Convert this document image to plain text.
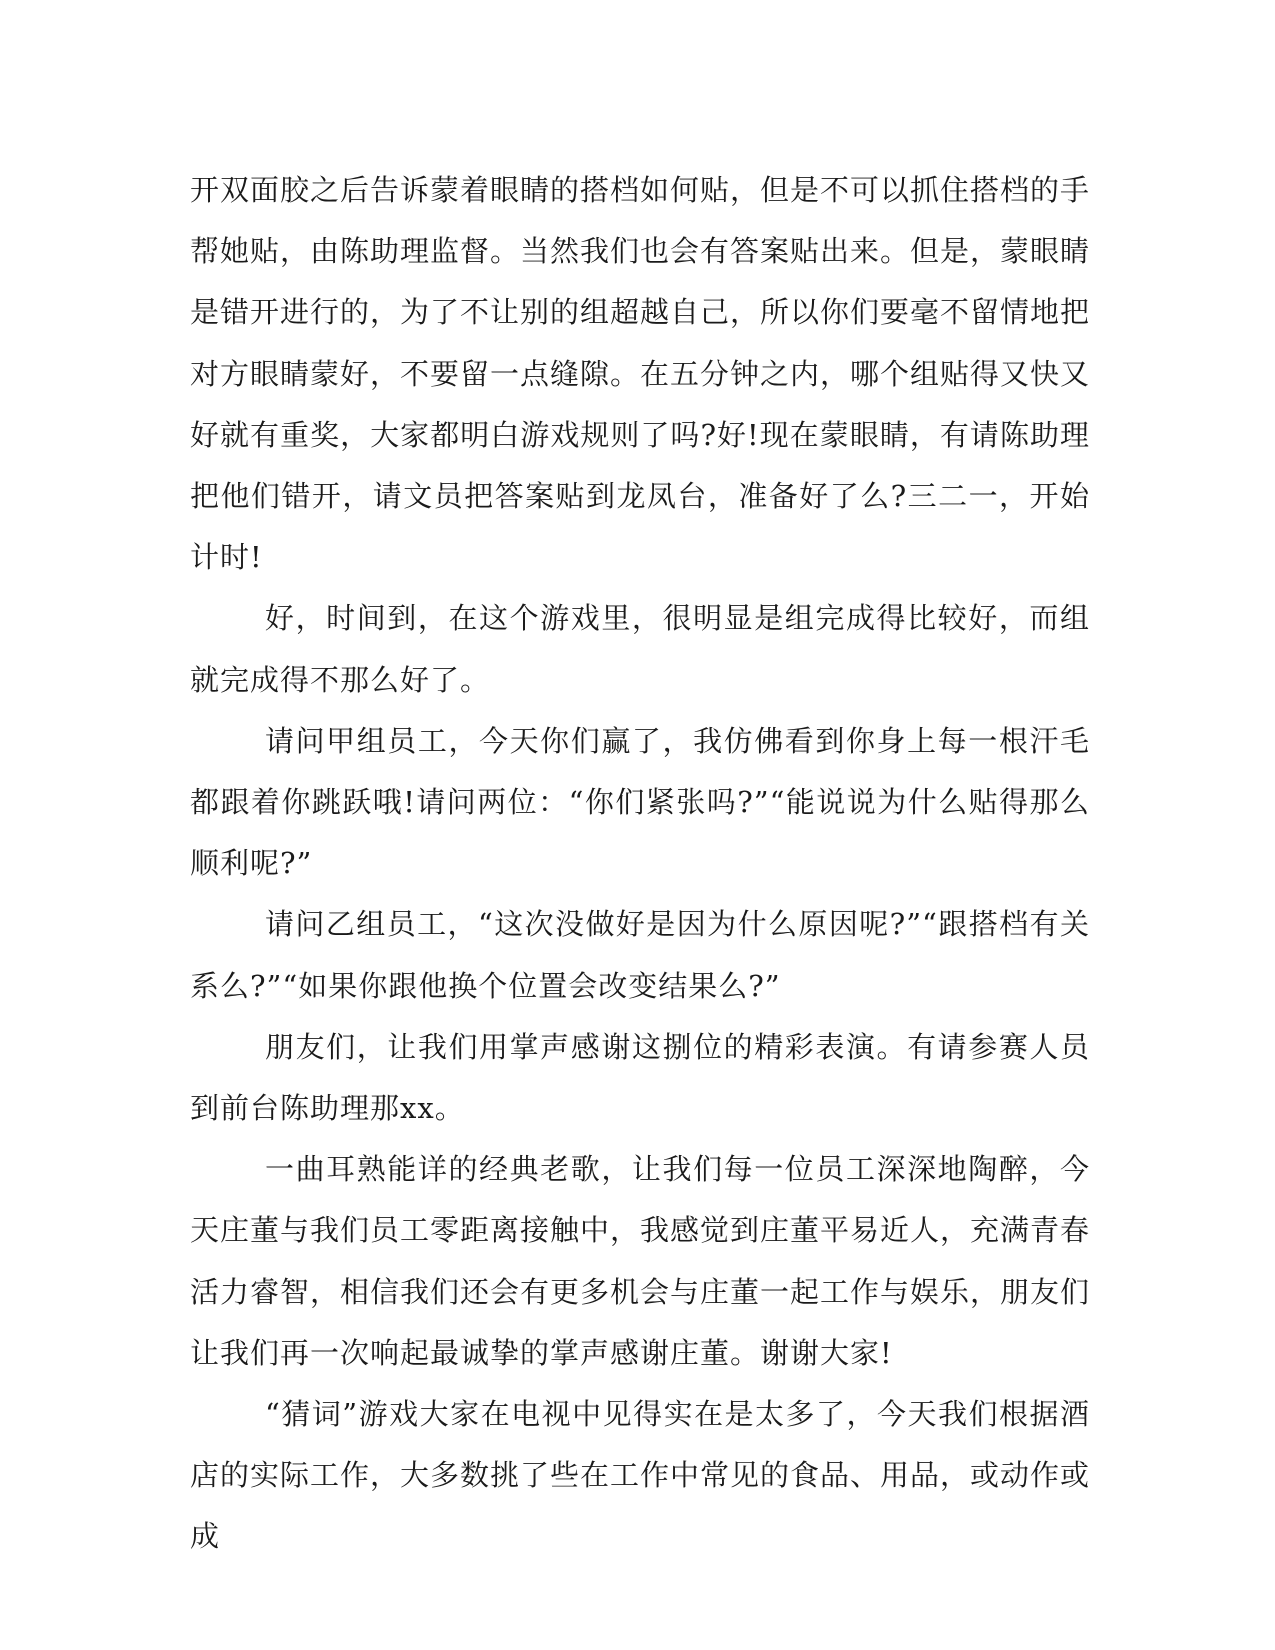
开双面胶之后告诉蒙着眼睛的搭档如何贴，但是不可以抓住搭档的手帮她贴，由陈助理监督。当然我们也会有答案贴出来。但是，蒙眼睛是错开进行的，为了不让别的组超越自己，所以你们要毫不留情地把对方眼睛蒙好，不要留一点缝隙。在五分钟之内，哪个组贴得又快又好就有重奖，大家都明白游戏规则了吗?好!现在蒙眼睛，有请陈助理把他们错开，请文员把答案贴到龙凤台，准备好了么?三二一，开始计时!

好，时间到，在这个游戏里，很明显是组完成得比较好，而组就完成得不那么好了。

请问甲组员工，今天你们赢了，我仿佛看到你身上每一根汗毛都跟着你跳跃哦!请问两位：“你们紧张吗?”“能说说为什么贴得那么顺利呢?”

请问乙组员工，“这次没做好是因为什么原因呢?”“跟搭档有关系么?”“如果你跟他换个位置会改变结果么?”

朋友们，让我们用掌声感谢这捌位的精彩表演。有请参赛人员到前台陈助理那xx。

一曲耳熟能详的经典老歌，让我们每一位员工深深地陶醉，今天庄董与我们员工零距离接触中，我感觉到庄董平易近人，充满青春活力睿智，相信我们还会有更多机会与庄董一起工作与娱乐，朋友们让我们再一次响起最诚挚的掌声感谢庄董。谢谢大家!

“猜词”游戏大家在电视中见得实在是太多了，今天我们根据酒店的实际工作，大多数挑了些在工作中常见的食品、用品，或动作或成
